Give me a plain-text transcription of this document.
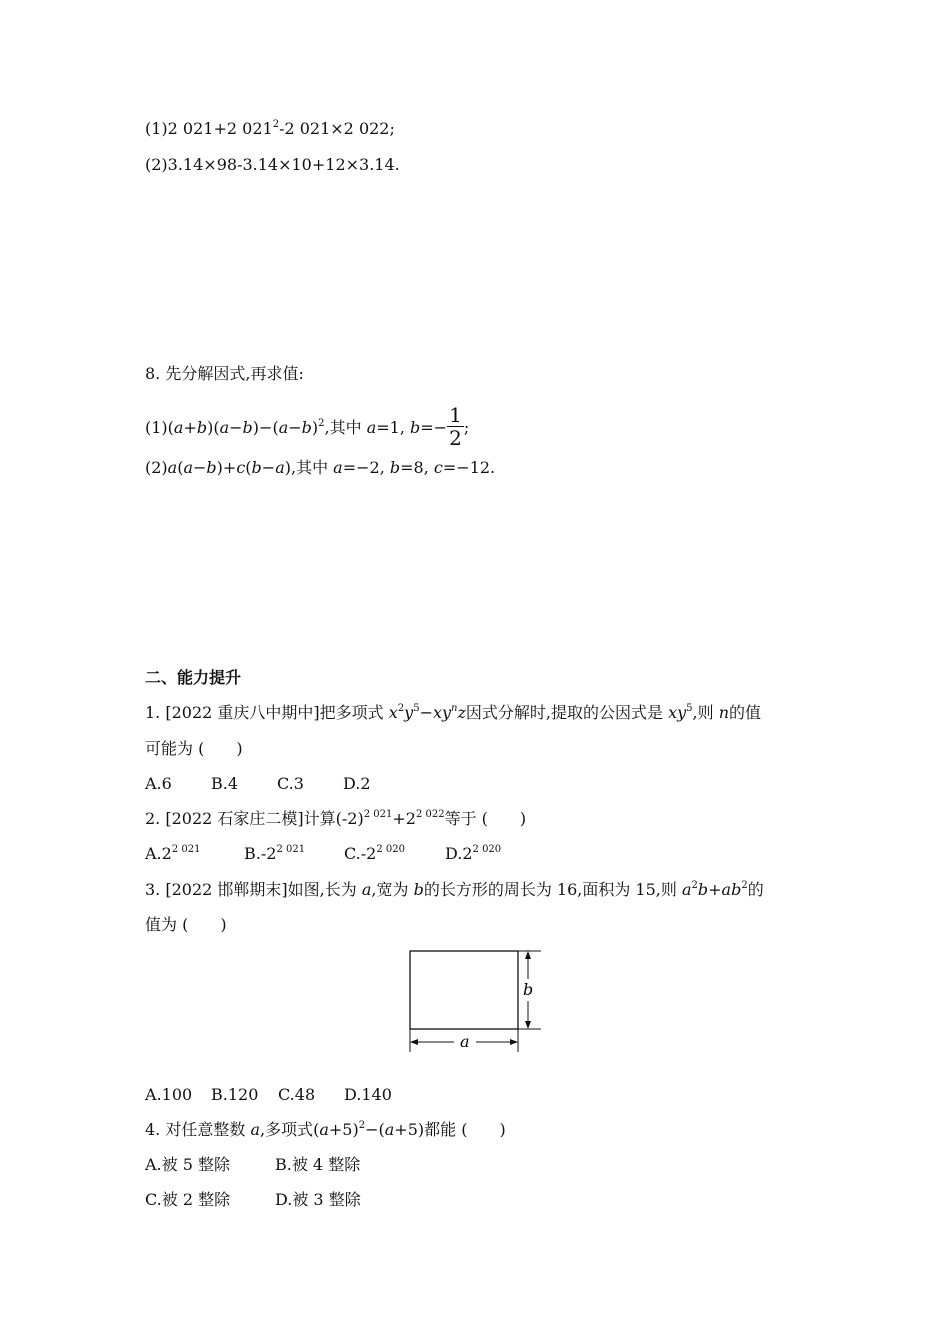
(1)2 021+2 $021^2-2$ 021×2 022;
(2)3.14×98-3.14×10+12×3.14.
8. 先分解因式,再求值:
$(1)(a+b)(a-b)-(a-b)^2$,其中 a=1, $b=- \frac{1}{2}$ ;
(2)a(a−b)+c(b−a),其中 a=−2, b=8, c=−12.
二、能力提升
1. [2022 重庆八中期中]把多项式 $x^2y^5-xy^nz$因式分解时,提取的公因式是 $xy^5$,则 n的值
可能为 (　　)
A.6 B.4 C.3 D.2
2. [2022 石家庄二模]计算$(-2)^{2 021}+2^{2 022}$等于 (　　)
$A.2^{2 021}$	$B.-2^{2 021}$ $C.-2^{2 020}$	$D.2^{2 020}$
3. [2022 邯郸期末]如图,长为 a,宽为 b的长方形的周长为 16,面积为 15,则 $a^2b+ab^2$的
值为 (　　)
b
a
A.100 B.120 C.48 D.140
4. 对任意整数 a,多项式$(a+5)^2-(a+5)$都能 (　　)
A.被 5 整除	B.被 4 整除
C.被 2 整除	D.被 3 整除
